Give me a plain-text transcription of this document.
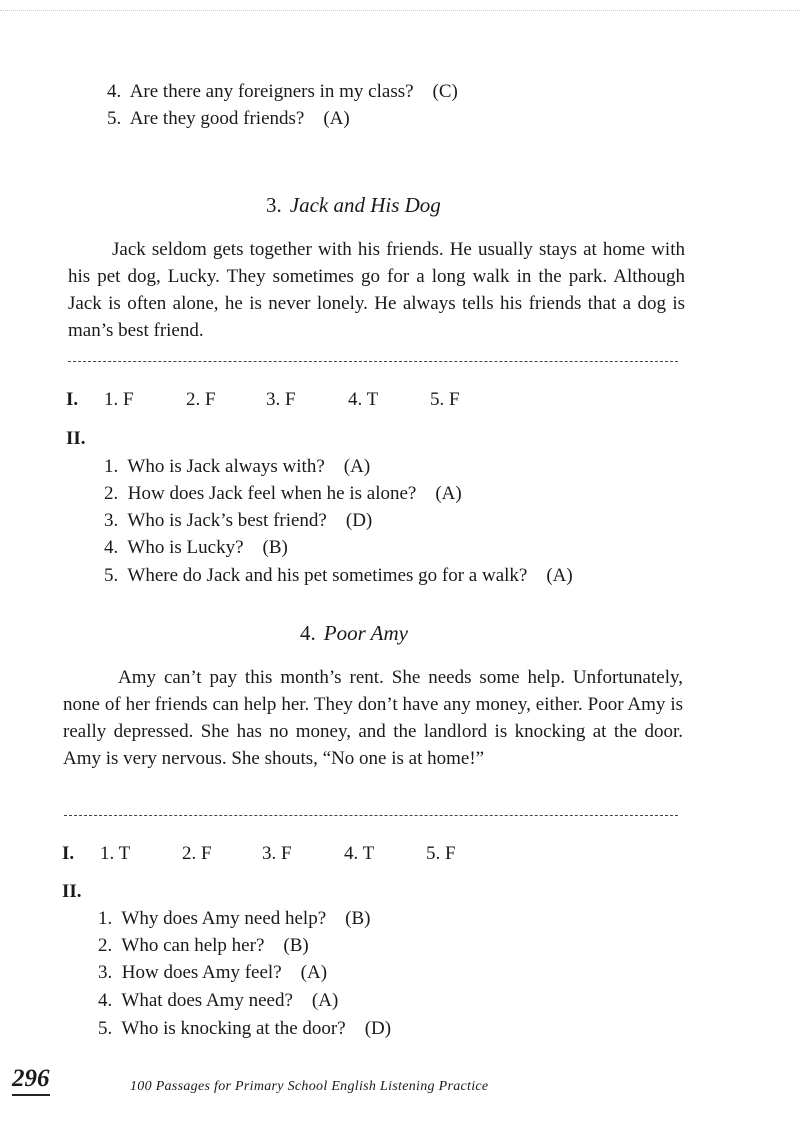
4. Are there any foreigners in my class? (C)
5. Are they good friends? (A)
3. Jack and His Dog

Jack seldom gets together with his friends. He usually stays at home with his pet dog, Lucky. They sometimes go for a long walk in the park. Although Jack is often alone, he is never lonely. He always tells his friends that a dog is man’s best friend.

I. 1. F	2. F	3. F	4. T	5. F
II.
1. Who is Jack always with? (A)
2. How does Jack feel when he is alone? (A)
3. Who is Jack’s best friend? (D)
4. Who is Lucky? (B)
5. Where do Jack and his pet sometimes go for a walk? (A)
4. Poor Amy

Amy can’t pay this month’s rent. She needs some help. Unfortunately, none of her friends can help her. They don’t have any money, either. Poor Amy is really depressed. She has no money, and the landlord is knocking at the door. Amy is very nervous. She shouts, “No one is at home!”

I. 1. T	2. F	3. F	4. T	5. F
II.
1. Why does Amy need help? (B)
2. Who can help her? (B)
3. How does Amy feel? (A)
4. What does Amy need? (A)
5. Who is knocking at the door? (D)
296	100 Passages for Primary School English Listening Practice
